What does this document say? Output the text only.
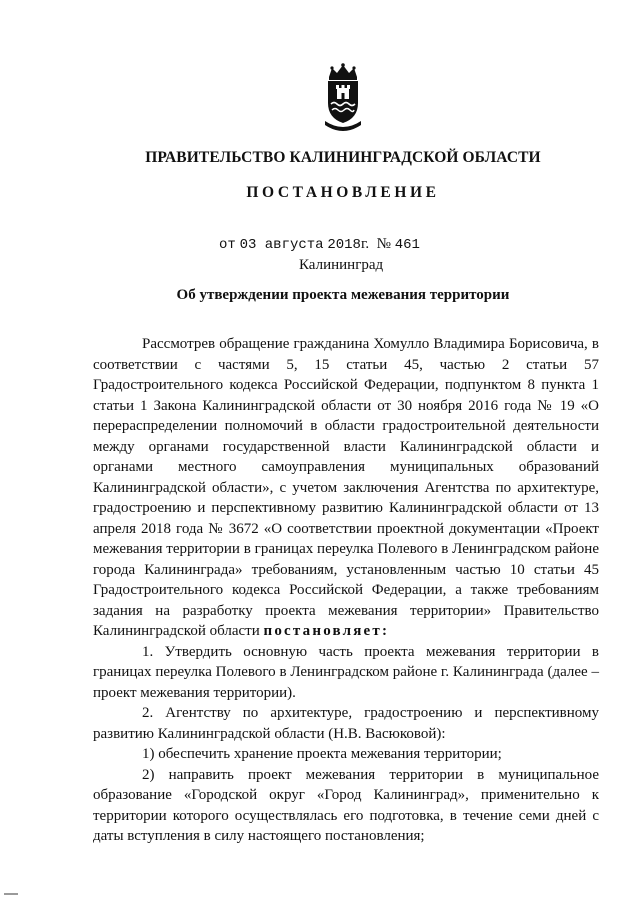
ПРАВИТЕЛЬСТВО КАЛИНИНГРАДСКОЙ ОБЛАСТИ
ПОСТАНОВЛЕНИЕ
от 03 августа 2018г. № 461
Калининград
Об утверждении проекта межевания территории

Рассмотрев обращение гражданина Хомулло Владимира Борисовича, в соответствии с частями 5, 15 статьи 45, частью 2 статьи 57 Градостроительного кодекса Российской Федерации, подпунктом 8 пункта 1 статьи 1 Закона Калининградской области от 30 ноября 2016 года № 19 «О перераспределении полномочий в области градостроительной деятельности между органами государственной власти Калининградской области и органами местного самоуправления муниципальных образований Калининградской области», с учетом заключения Агентства по архитектуре, градостроению и перспективному развитию Калининградской области от 13 апреля 2018 года № 3672 «О соответствии проектной документации «Проект межевания территории в границах переулка Полевого в Ленинградском районе города Калининграда» требованиям, установленным частью 10 статьи 45 Градостроительного кодекса Российской Федерации, а также требованиям задания на разработку проекта межевания территории» Правительство Калининградской области постановляет:

1. Утвердить основную часть проекта межевания территории в границах переулка Полевого в Ленинградском районе г. Калининграда (далее – проект межевания территории).

2. Агентству по архитектуре, градостроению и перспективному развитию Калининградской области (Н.В. Васюковой):

1) обеспечить хранение проекта межевания территории;

2) направить проект межевания территории в муниципальное образование «Городской округ «Город Калининград», применительно к территории которого осуществлялась его подготовка, в течение семи дней с даты вступления в силу настоящего постановления;
